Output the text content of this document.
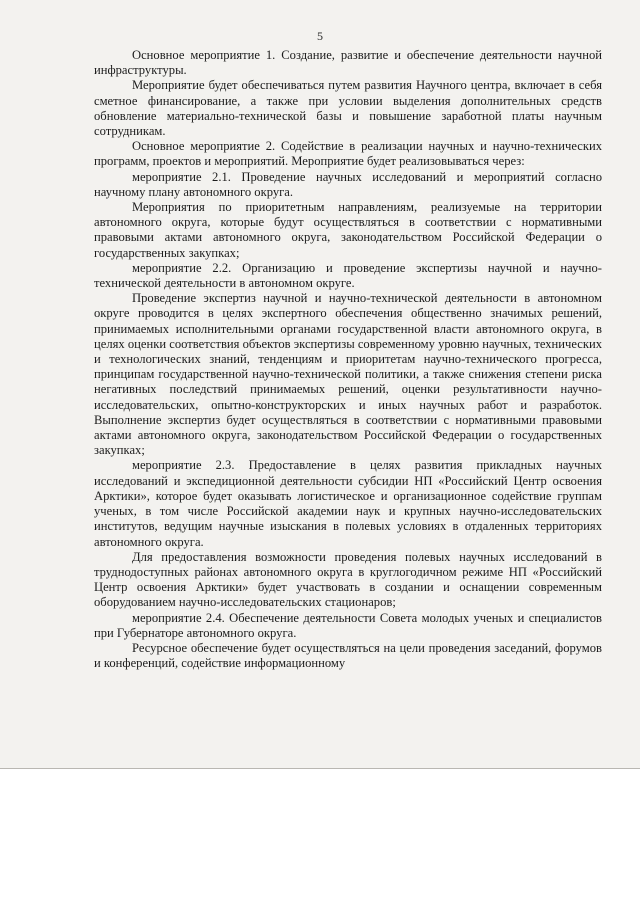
5

Основное мероприятие 1. Создание, развитие и обеспечение деятельности научной инфраструктуры.

Мероприятие будет обеспечиваться путем развития Научного центра, включает в себя сметное финансирование, а также при условии выделения дополнительных средств обновление материально-технической базы и повышение заработной платы научным сотрудникам.

Основное мероприятие 2. Содействие в реализации научных и научно-технических программ, проектов и мероприятий. Мероприятие будет реализовываться через:

мероприятие 2.1. Проведение научных исследований и мероприятий согласно научному плану автономного округа.

Мероприятия по приоритетным направлениям, реализуемые на территории автономного округа, которые будут осуществляться в соответствии с нормативными правовыми актами автономного округа, законодательством Российской Федерации о государственных закупках;

мероприятие 2.2. Организацию и проведение экспертизы научной и научно-технической деятельности в автономном округе.

Проведение экспертиз научной и научно-технической деятельности в автономном округе проводится в целях экспертного обеспечения общественно значимых решений, принимаемых исполнительными органами государственной власти автономного округа, в целях оценки соответствия объектов экспертизы современному уровню научных, технических и технологических знаний, тенденциям и приоритетам научно-технического прогресса, принципам государственной научно-технической политики, а также снижения степени риска негативных последствий принимаемых решений, оценки результативности научно-исследовательских, опытно-конструкторских и иных научных работ и разработок. Выполнение экспертиз будет осуществляться в соответствии с нормативными правовыми актами автономного округа, законодательством Российской Федерации о государственных закупках;

мероприятие 2.3. Предоставление в целях развития прикладных научных исследований и экспедиционной деятельности субсидии НП «Российский Центр освоения Арктики», которое будет оказывать логистическое и организационное содействие группам ученых, в том числе Российской академии наук и крупных научно-исследовательских институтов, ведущим научные изыскания в полевых условиях в отдаленных территориях автономного округа.

Для предоставления возможности проведения полевых научных исследований в труднодоступных районах автономного округа в круглогодичном режиме НП «Российский Центр освоения Арктики» будет участвовать в создании и оснащении современным оборудованием научно-исследовательских стационаров;

мероприятие 2.4. Обеспечение деятельности Совета молодых ученых и специалистов при Губернаторе автономного округа.

Ресурсное обеспечение будет осуществляться на цели проведения заседаний, форумов и конференций, содействие информационному
